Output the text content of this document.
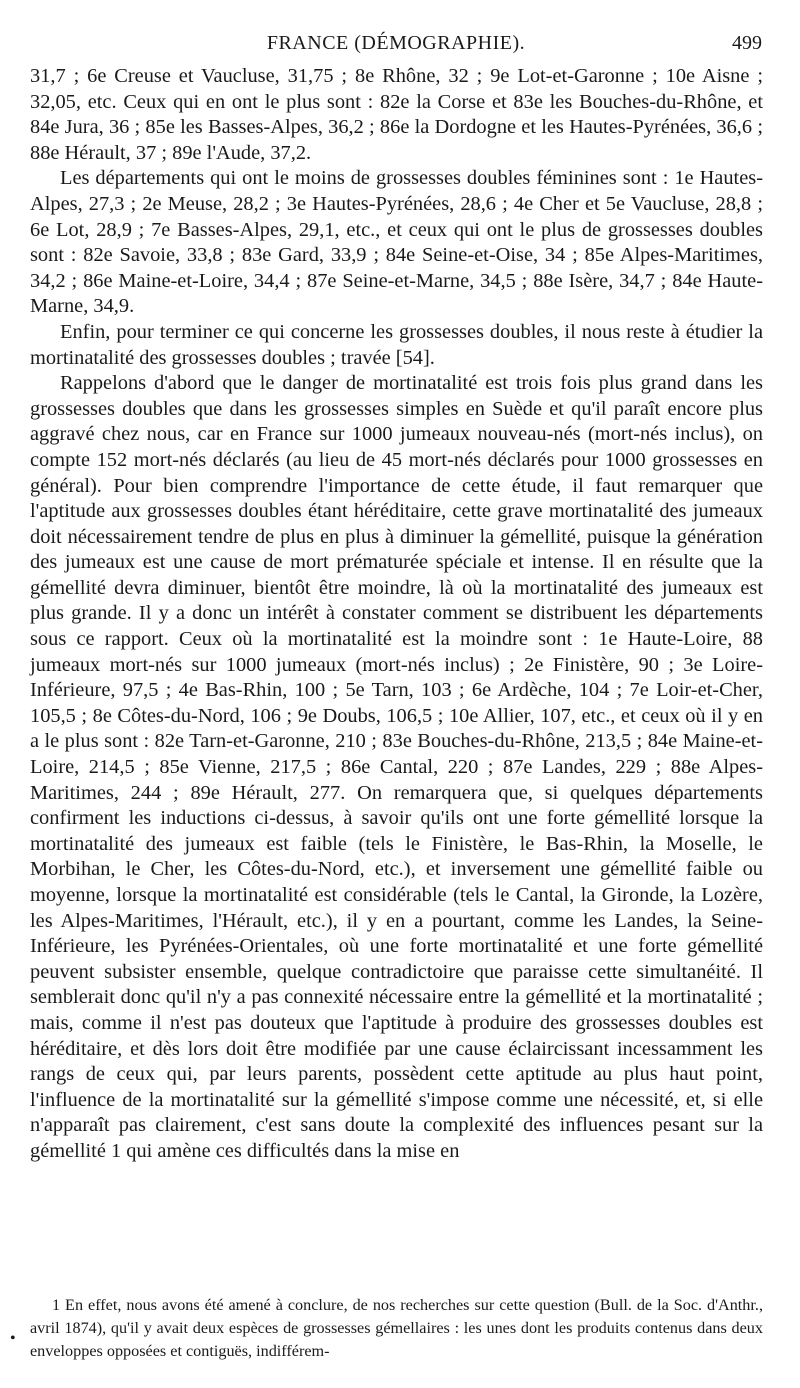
FRANCE (DÉMOGRAPHIE).	499

31,7 ; 6e Creuse et Vaucluse, 31,75 ; 8e Rhône, 32 ; 9e Lot-et-Garonne ; 10e Aisne ; 32,05, etc. Ceux qui en ont le plus sont : 82e la Corse et 83e les Bouches-du-Rhône, et 84e Jura, 36 ; 85e les Basses-Alpes, 36,2 ; 86e la Dordogne et les Hautes-Pyrénées, 36,6 ; 88e Hérault, 37 ; 89e l'Aude, 37,2.

Les départements qui ont le moins de grossesses doubles féminines sont : 1e Hautes-Alpes, 27,3 ; 2e Meuse, 28,2 ; 3e Hautes-Pyrénées, 28,6 ; 4e Cher et 5e Vaucluse, 28,8 ; 6e Lot, 28,9 ; 7e Basses-Alpes, 29,1, etc., et ceux qui ont le plus de grossesses doubles sont : 82e Savoie, 33,8 ; 83e Gard, 33,9 ; 84e Seine-et-Oise, 34 ; 85e Alpes-Maritimes, 34,2 ; 86e Maine-et-Loire, 34,4 ; 87e Seine-et-Marne, 34,5 ; 88e Isère, 34,7 ; 84e Haute-Marne, 34,9.

Enfin, pour terminer ce qui concerne les grossesses doubles, il nous reste à étudier la mortinatalité des grossesses doubles ; travée [54].

Rappelons d'abord que le danger de mortinatalité est trois fois plus grand dans les grossesses doubles que dans les grossesses simples en Suède et qu'il paraît encore plus aggravé chez nous, car en France sur 1000 jumeaux nouveau-nés (mort-nés inclus), on compte 152 mort-nés déclarés (au lieu de 45 mort-nés déclarés pour 1000 grossesses en général). Pour bien comprendre l'importance de cette étude, il faut remarquer que l'aptitude aux grossesses doubles étant héréditaire, cette grave mortinatalité des jumeaux doit nécessairement tendre de plus en plus à diminuer la gémellité, puisque la génération des jumeaux est une cause de mort prématurée spéciale et intense. Il en résulte que la gémellité devra diminuer, bientôt être moindre, là où la mortinatalité des jumeaux est plus grande. Il y a donc un intérêt à constater comment se distribuent les départements sous ce rapport. Ceux où la mortinatalité est la moindre sont : 1e Haute-Loire, 88 jumeaux mort-nés sur 1000 jumeaux (mort-nés inclus) ; 2e Finistère, 90 ; 3e Loire-Inférieure, 97,5 ; 4e Bas-Rhin, 100 ; 5e Tarn, 103 ; 6e Ardèche, 104 ; 7e Loir-et-Cher, 105,5 ; 8e Côtes-du-Nord, 106 ; 9e Doubs, 106,5 ; 10e Allier, 107, etc., et ceux où il y en a le plus sont : 82e Tarn-et-Garonne, 210 ; 83e Bouches-du-Rhône, 213,5 ; 84e Maine-et-Loire, 214,5 ; 85e Vienne, 217,5 ; 86e Cantal, 220 ; 87e Landes, 229 ; 88e Alpes-Maritimes, 244 ; 89e Hérault, 277. On remarquera que, si quelques départements confirment les inductions ci-dessus, à savoir qu'ils ont une forte gémellité lorsque la mortinatalité des jumeaux est faible (tels le Finistère, le Bas-Rhin, la Moselle, le Morbihan, le Cher, les Côtes-du-Nord, etc.), et inversement une gémellité faible ou moyenne, lorsque la mortinatalité est considérable (tels le Cantal, la Gironde, la Lozère, les Alpes-Maritimes, l'Hérault, etc.), il y en a pourtant, comme les Landes, la Seine-Inférieure, les Pyrénées-Orientales, où une forte mortinatalité et une forte gémellité peuvent subsister ensemble, quelque contradictoire que paraisse cette simultanéité. Il semblerait donc qu'il n'y a pas connexité nécessaire entre la gémellité et la mortinatalité ; mais, comme il n'est pas douteux que l'aptitude à produire des grossesses doubles est héréditaire, et dès lors doit être modifiée par une cause éclaircissant incessamment les rangs de ceux qui, par leurs parents, possèdent cette aptitude au plus haut point, l'influence de la mortinatalité sur la gémellité s'impose comme une nécessité, et, si elle n'apparaît pas clairement, c'est sans doute la complexité des influences pesant sur la gémellité 1 qui amène ces difficultés dans la mise en

•

1 En effet, nous avons été amené à conclure, de nos recherches sur cette question (Bull. de la Soc. d'Anthr., avril 1874), qu'il y avait deux espèces de grossesses gémellaires : les unes dont les produits contenus dans deux enveloppes opposées et contiguës, indifférem-
